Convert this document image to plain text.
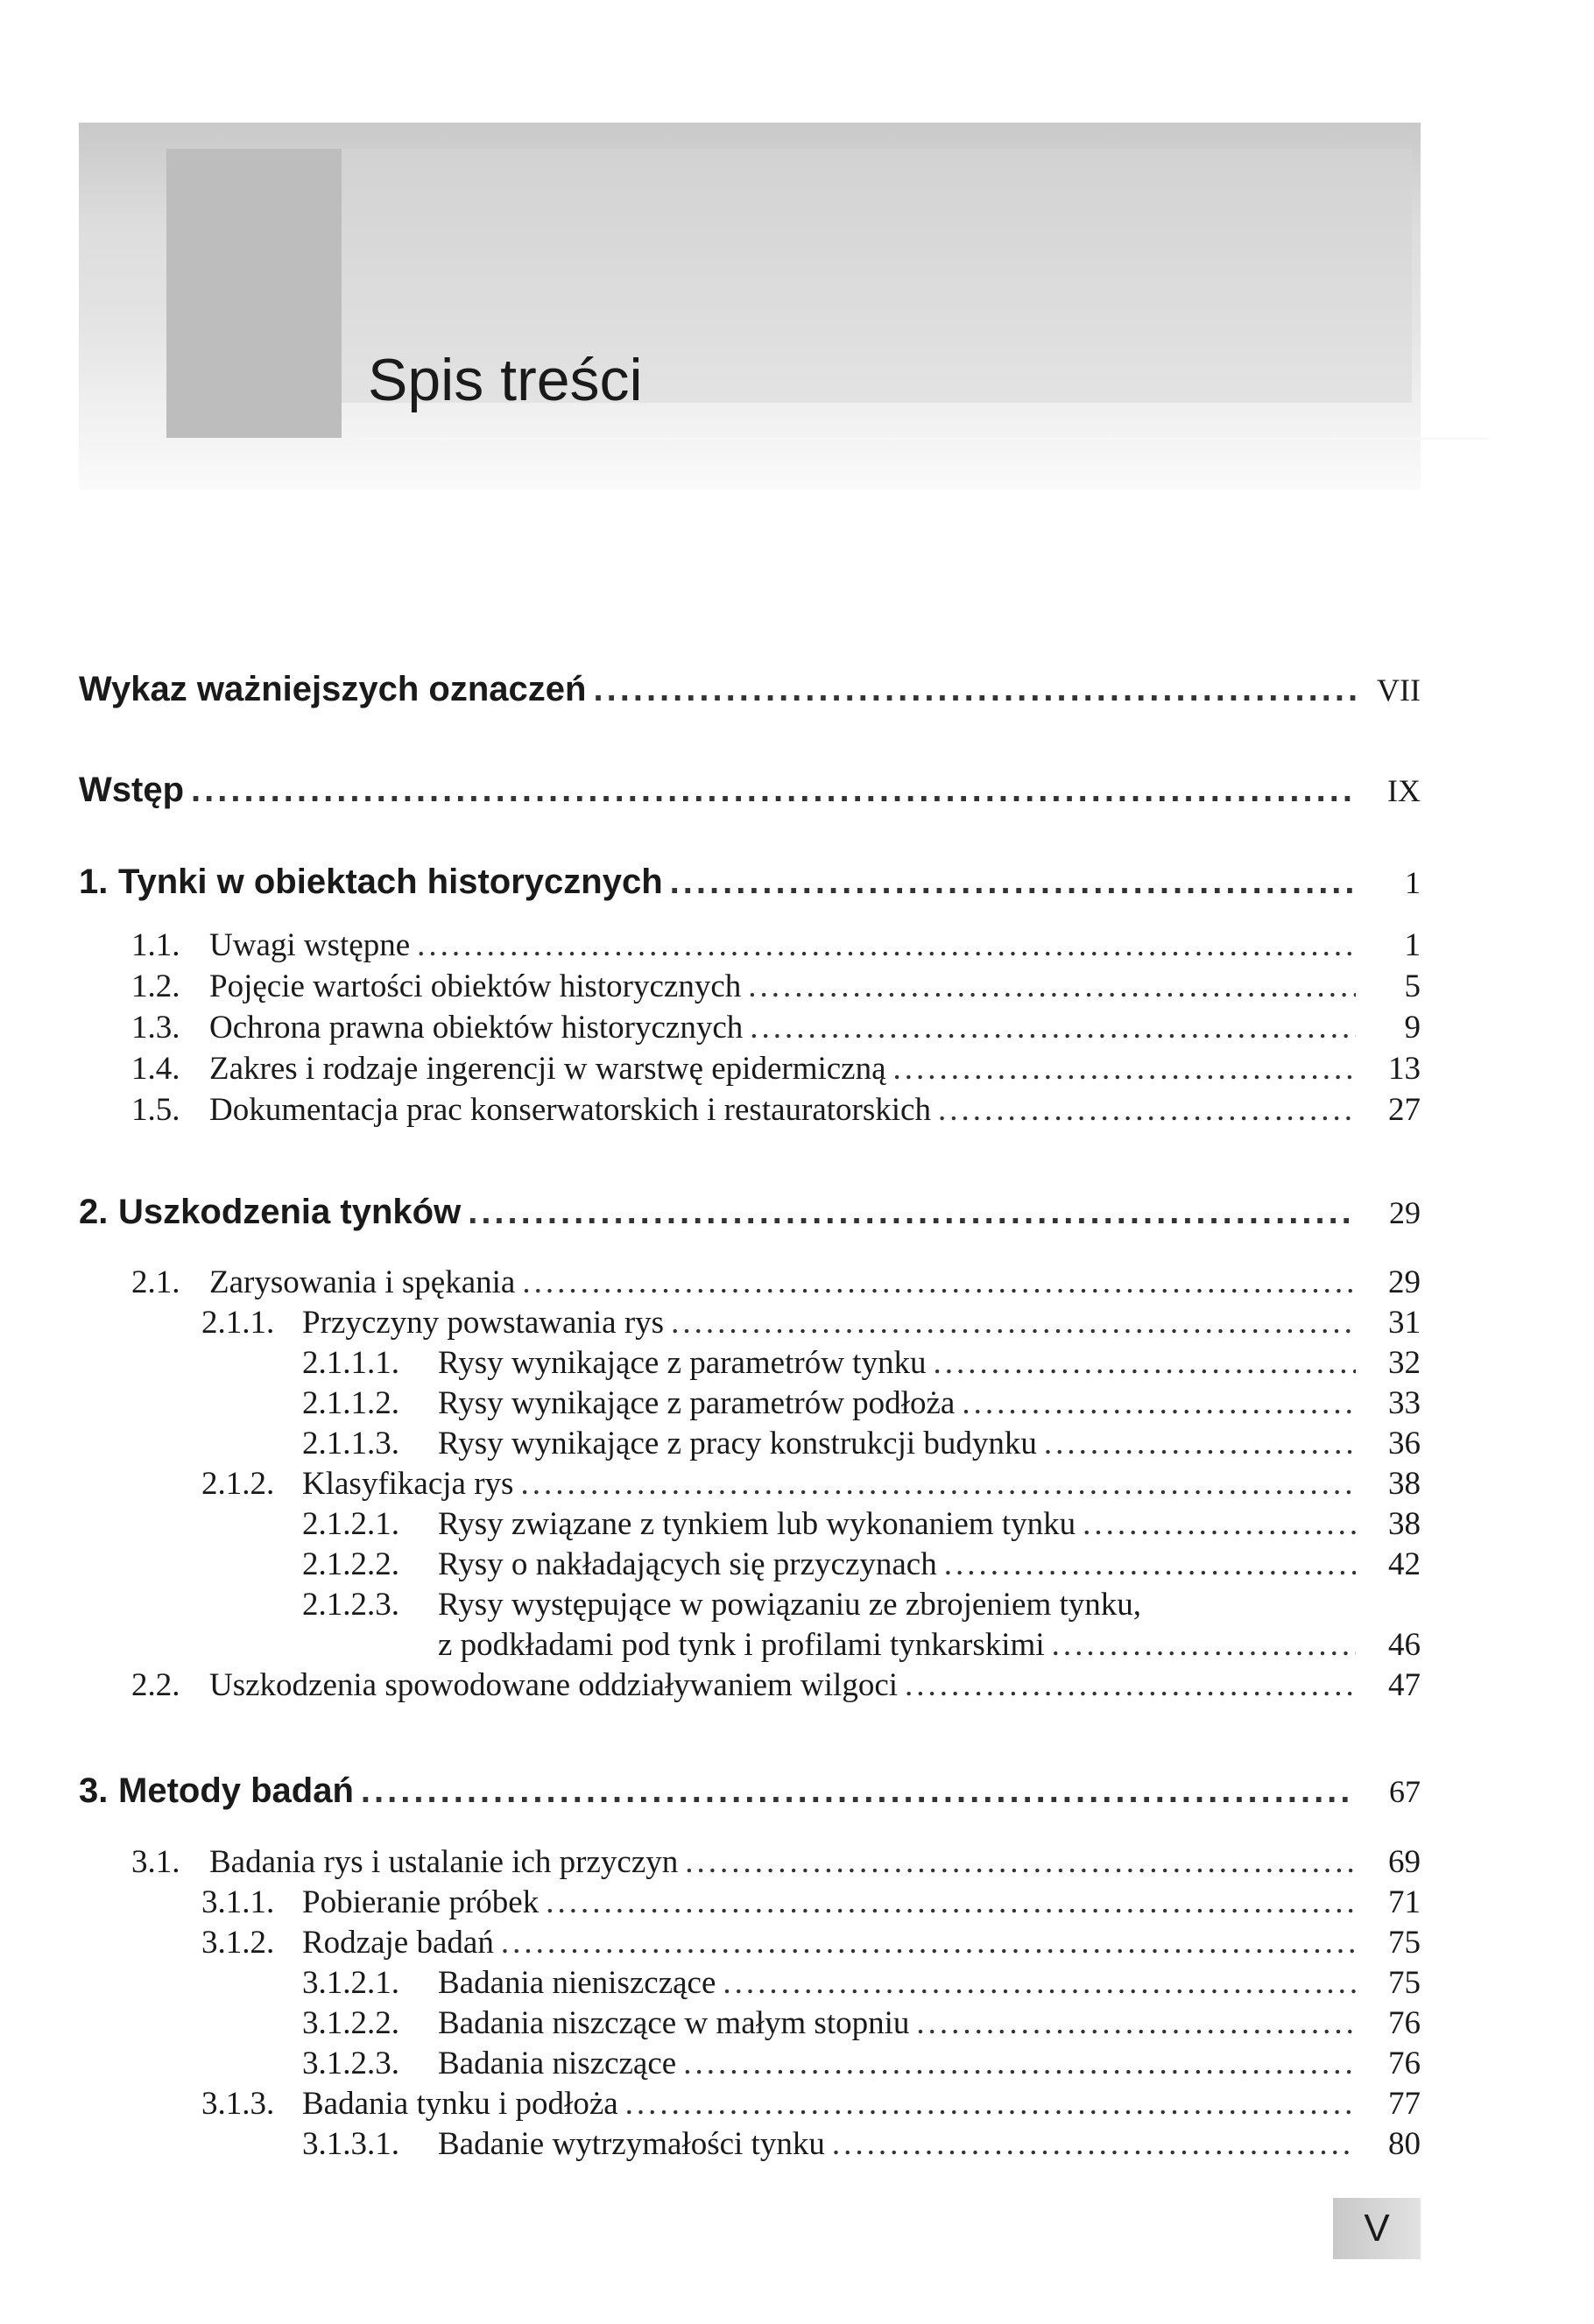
Spis treści
Wykaz ważniejszych oznaczeń .....	VII
Wstęp .....	IX
1. Tynki w obiektach historycznych .....	1
1.1. Uwagi wstępne .....	1
1.2. Pojęcie wartości obiektów historycznych .....	5
1.3. Ochrona prawna obiektów historycznych .....	9
1.4. Zakres i rodzaje ingerencji w warstwę epidermiczną .....	13
1.5. Dokumentacja prac konserwatorskich i restauratorskich .....	27
2. Uszkodzenia tynków .....	29
2.1. Zarysowania i spękania .....	29
2.1.1. Przyczyny powstawania rys .....	31
2.1.1.1. Rysy wynikające z parametrów tynku .....	32
2.1.1.2. Rysy wynikające z parametrów podłoża .....	33
2.1.1.3. Rysy wynikające z pracy konstrukcji budynku .....	36
2.1.2. Klasyfikacja rys .....	38
2.1.2.1. Rysy związane z tynkiem lub wykonaniem tynku .....	38
2.1.2.2. Rysy o nakładających się przyczynach .....	42
2.1.2.3. Rysy występujące w powiązaniu ze zbrojeniem tynku,
z podkładami pod tynk i profilami tynkarskimi .....	46
2.2. Uszkodzenia spowodowane oddziaływaniem wilgoci .....	47
3. Metody badań .....	67
3.1. Badania rys i ustalanie ich przyczyn .....	69
3.1.1. Pobieranie próbek .....	71
3.1.2. Rodzaje badań .....	75
3.1.2.1. Badania nieniszczące .....	75
3.1.2.2. Badania niszczące w małym stopniu .....	76
3.1.2.3. Badania niszczące .....	76
3.1.3. Badania tynku i podłoża .....	77
3.1.3.1. Badanie wytrzymałości tynku .....	80
V
